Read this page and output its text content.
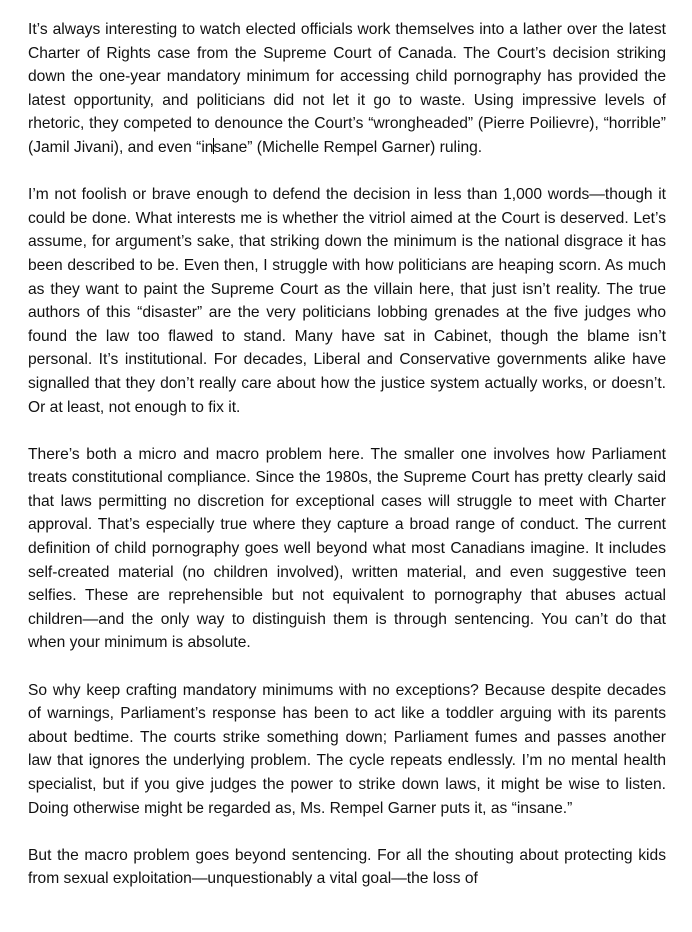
It’s always interesting to watch elected officials work themselves into a lather over the latest Charter of Rights case from the Supreme Court of Canada. The Court’s decision striking down the one-year mandatory minimum for accessing child pornography has provided the latest opportunity, and politicians did not let it go to waste. Using impressive levels of rhetoric, they competed to denounce the Court’s “wrongheaded” (Pierre Poilievre), “horrible” (Jamil Jivani), and even “insane” (Michelle Rempel Garner) ruling.

I’m not foolish or brave enough to defend the decision in less than 1,000 words—though it could be done. What interests me is whether the vitriol aimed at the Court is deserved. Let’s assume, for argument’s sake, that striking down the minimum is the national disgrace it has been described to be. Even then, I struggle with how politicians are heaping scorn. As much as they want to paint the Supreme Court as the villain here, that just isn’t reality. The true authors of this “disaster” are the very politicians lobbing grenades at the five judges who found the law too flawed to stand. Many have sat in Cabinet, though the blame isn’t personal. It’s institutional. For decades, Liberal and Conservative governments alike have signalled that they don’t really care about how the justice system actually works, or doesn’t. Or at least, not enough to fix it.

There’s both a micro and macro problem here. The smaller one involves how Parliament treats constitutional compliance. Since the 1980s, the Supreme Court has pretty clearly said that laws permitting no discretion for exceptional cases will struggle to meet with Charter approval. That’s especially true where they capture a broad range of conduct. The current definition of child pornography goes well beyond what most Canadians imagine. It includes self-created material (no children involved), written material, and even suggestive teen selfies. These are reprehensible but not equivalent to pornography that abuses actual children—and the only way to distinguish them is through sentencing. You can’t do that when your minimum is absolute.

So why keep crafting mandatory minimums with no exceptions? Because despite decades of warnings, Parliament’s response has been to act like a toddler arguing with its parents about bedtime. The courts strike something down; Parliament fumes and passes another law that ignores the underlying problem. The cycle repeats endlessly. I’m no mental health specialist, but if you give judges the power to strike down laws, it might be wise to listen. Doing otherwise might be regarded as, Ms. Rempel Garner puts it, as “insane.”

But the macro problem goes beyond sentencing. For all the shouting about protecting kids from sexual exploitation—unquestionably a vital goal—the loss of
